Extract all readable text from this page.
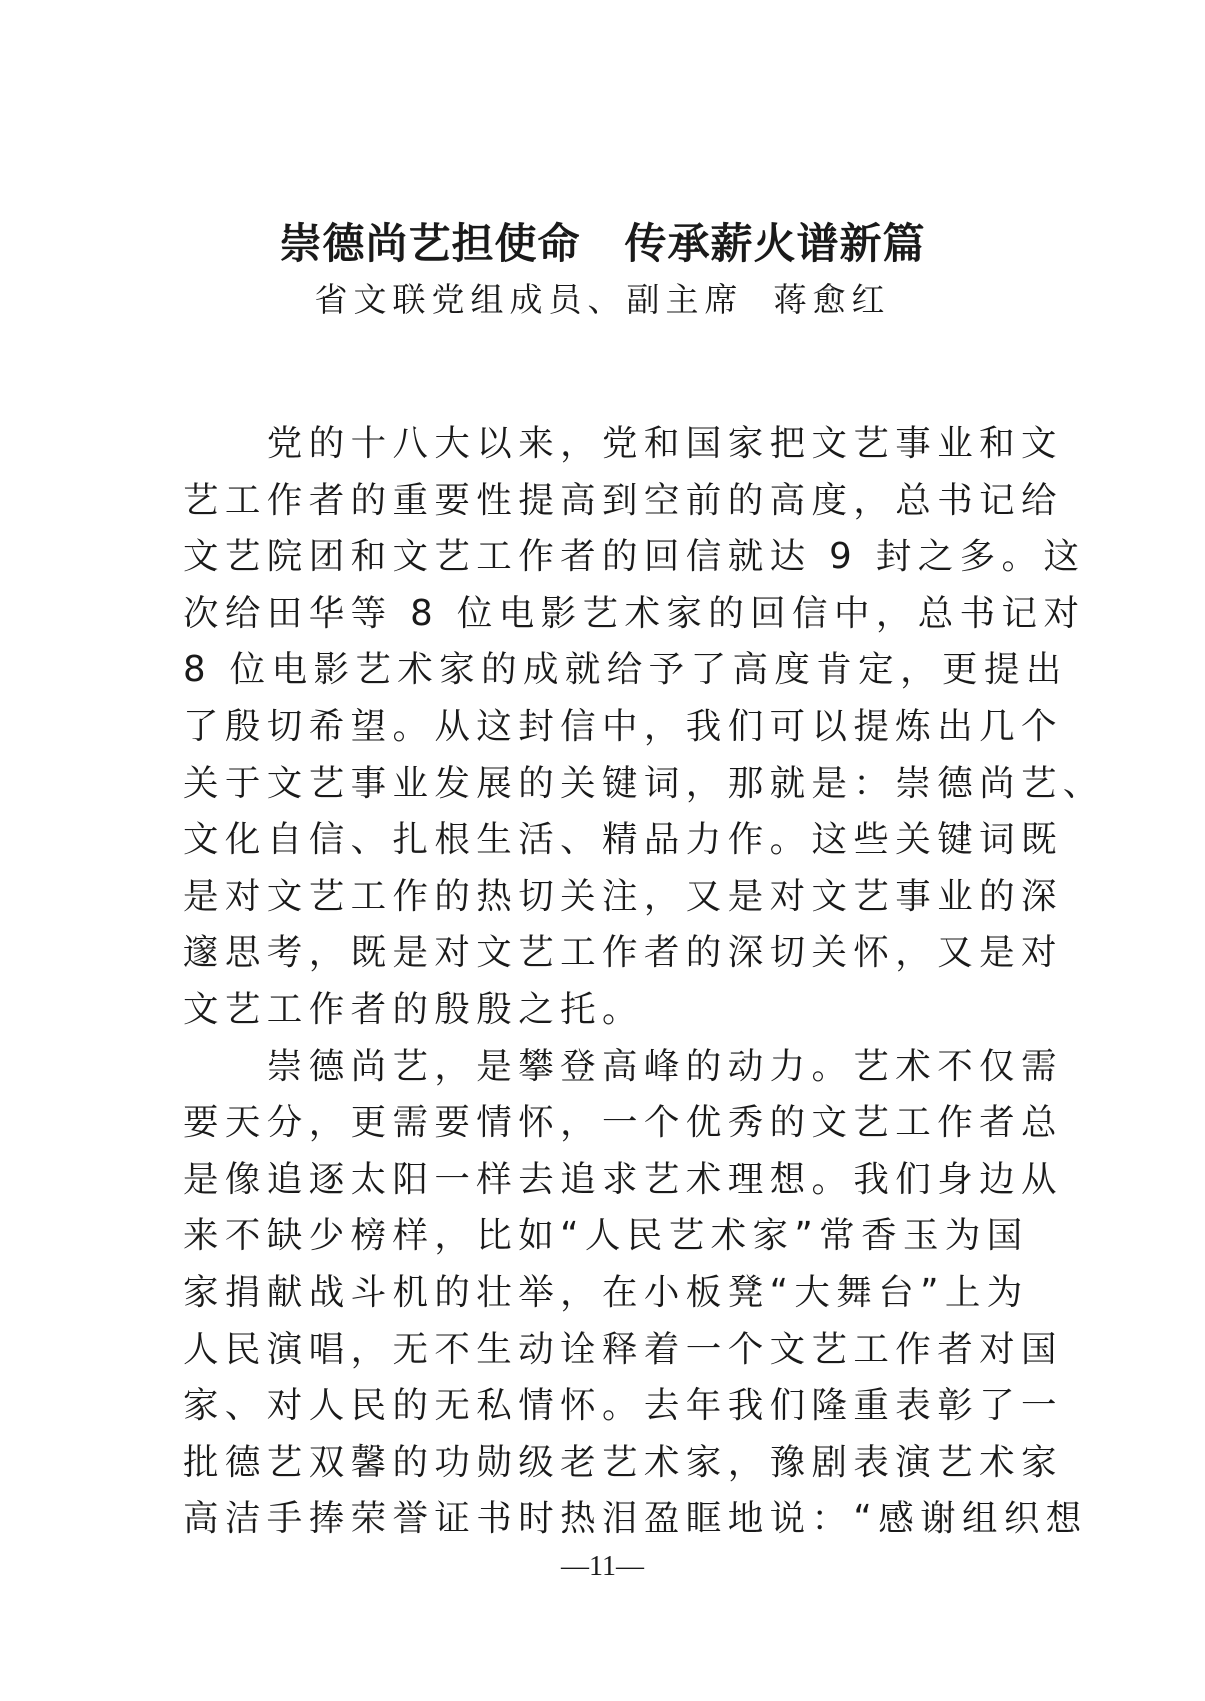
崇德尚艺担使命 传承薪火谱新篇
省文联党组成员、副主席 蒋愈红
　　党的十八大以来，党和国家把文艺事业和文
艺工作者的重要性提高到空前的高度，总书记给
文艺院团和文艺工作者的回信就达 9 封之多。这
次给田华等 8 位电影艺术家的回信中，总书记对
8 位电影艺术家的成就给予了高度肯定，更提出
了殷切希望。从这封信中，我们可以提炼出几个
关于文艺事业发展的关键词，那就是：崇德尚艺、
文化自信、扎根生活、精品力作。这些关键词既
是对文艺工作的热切关注，又是对文艺事业的深
邃思考，既是对文艺工作者的深切关怀，又是对
文艺工作者的殷殷之托。
　　崇德尚艺，是攀登高峰的动力。艺术不仅需
要天分，更需要情怀，一个优秀的文艺工作者总
是像追逐太阳一样去追求艺术理想。我们身边从
来不缺少榜样，比如“人民艺术家”常香玉为国
家捐献战斗机的壮举，在小板凳“大舞台”上为
人民演唱，无不生动诠释着一个文艺工作者对国
家、对人民的无私情怀。去年我们隆重表彰了一
批德艺双馨的功勋级老艺术家，豫剧表演艺术家
高洁手捧荣誉证书时热泪盈眶地说：“感谢组织想
—11—
